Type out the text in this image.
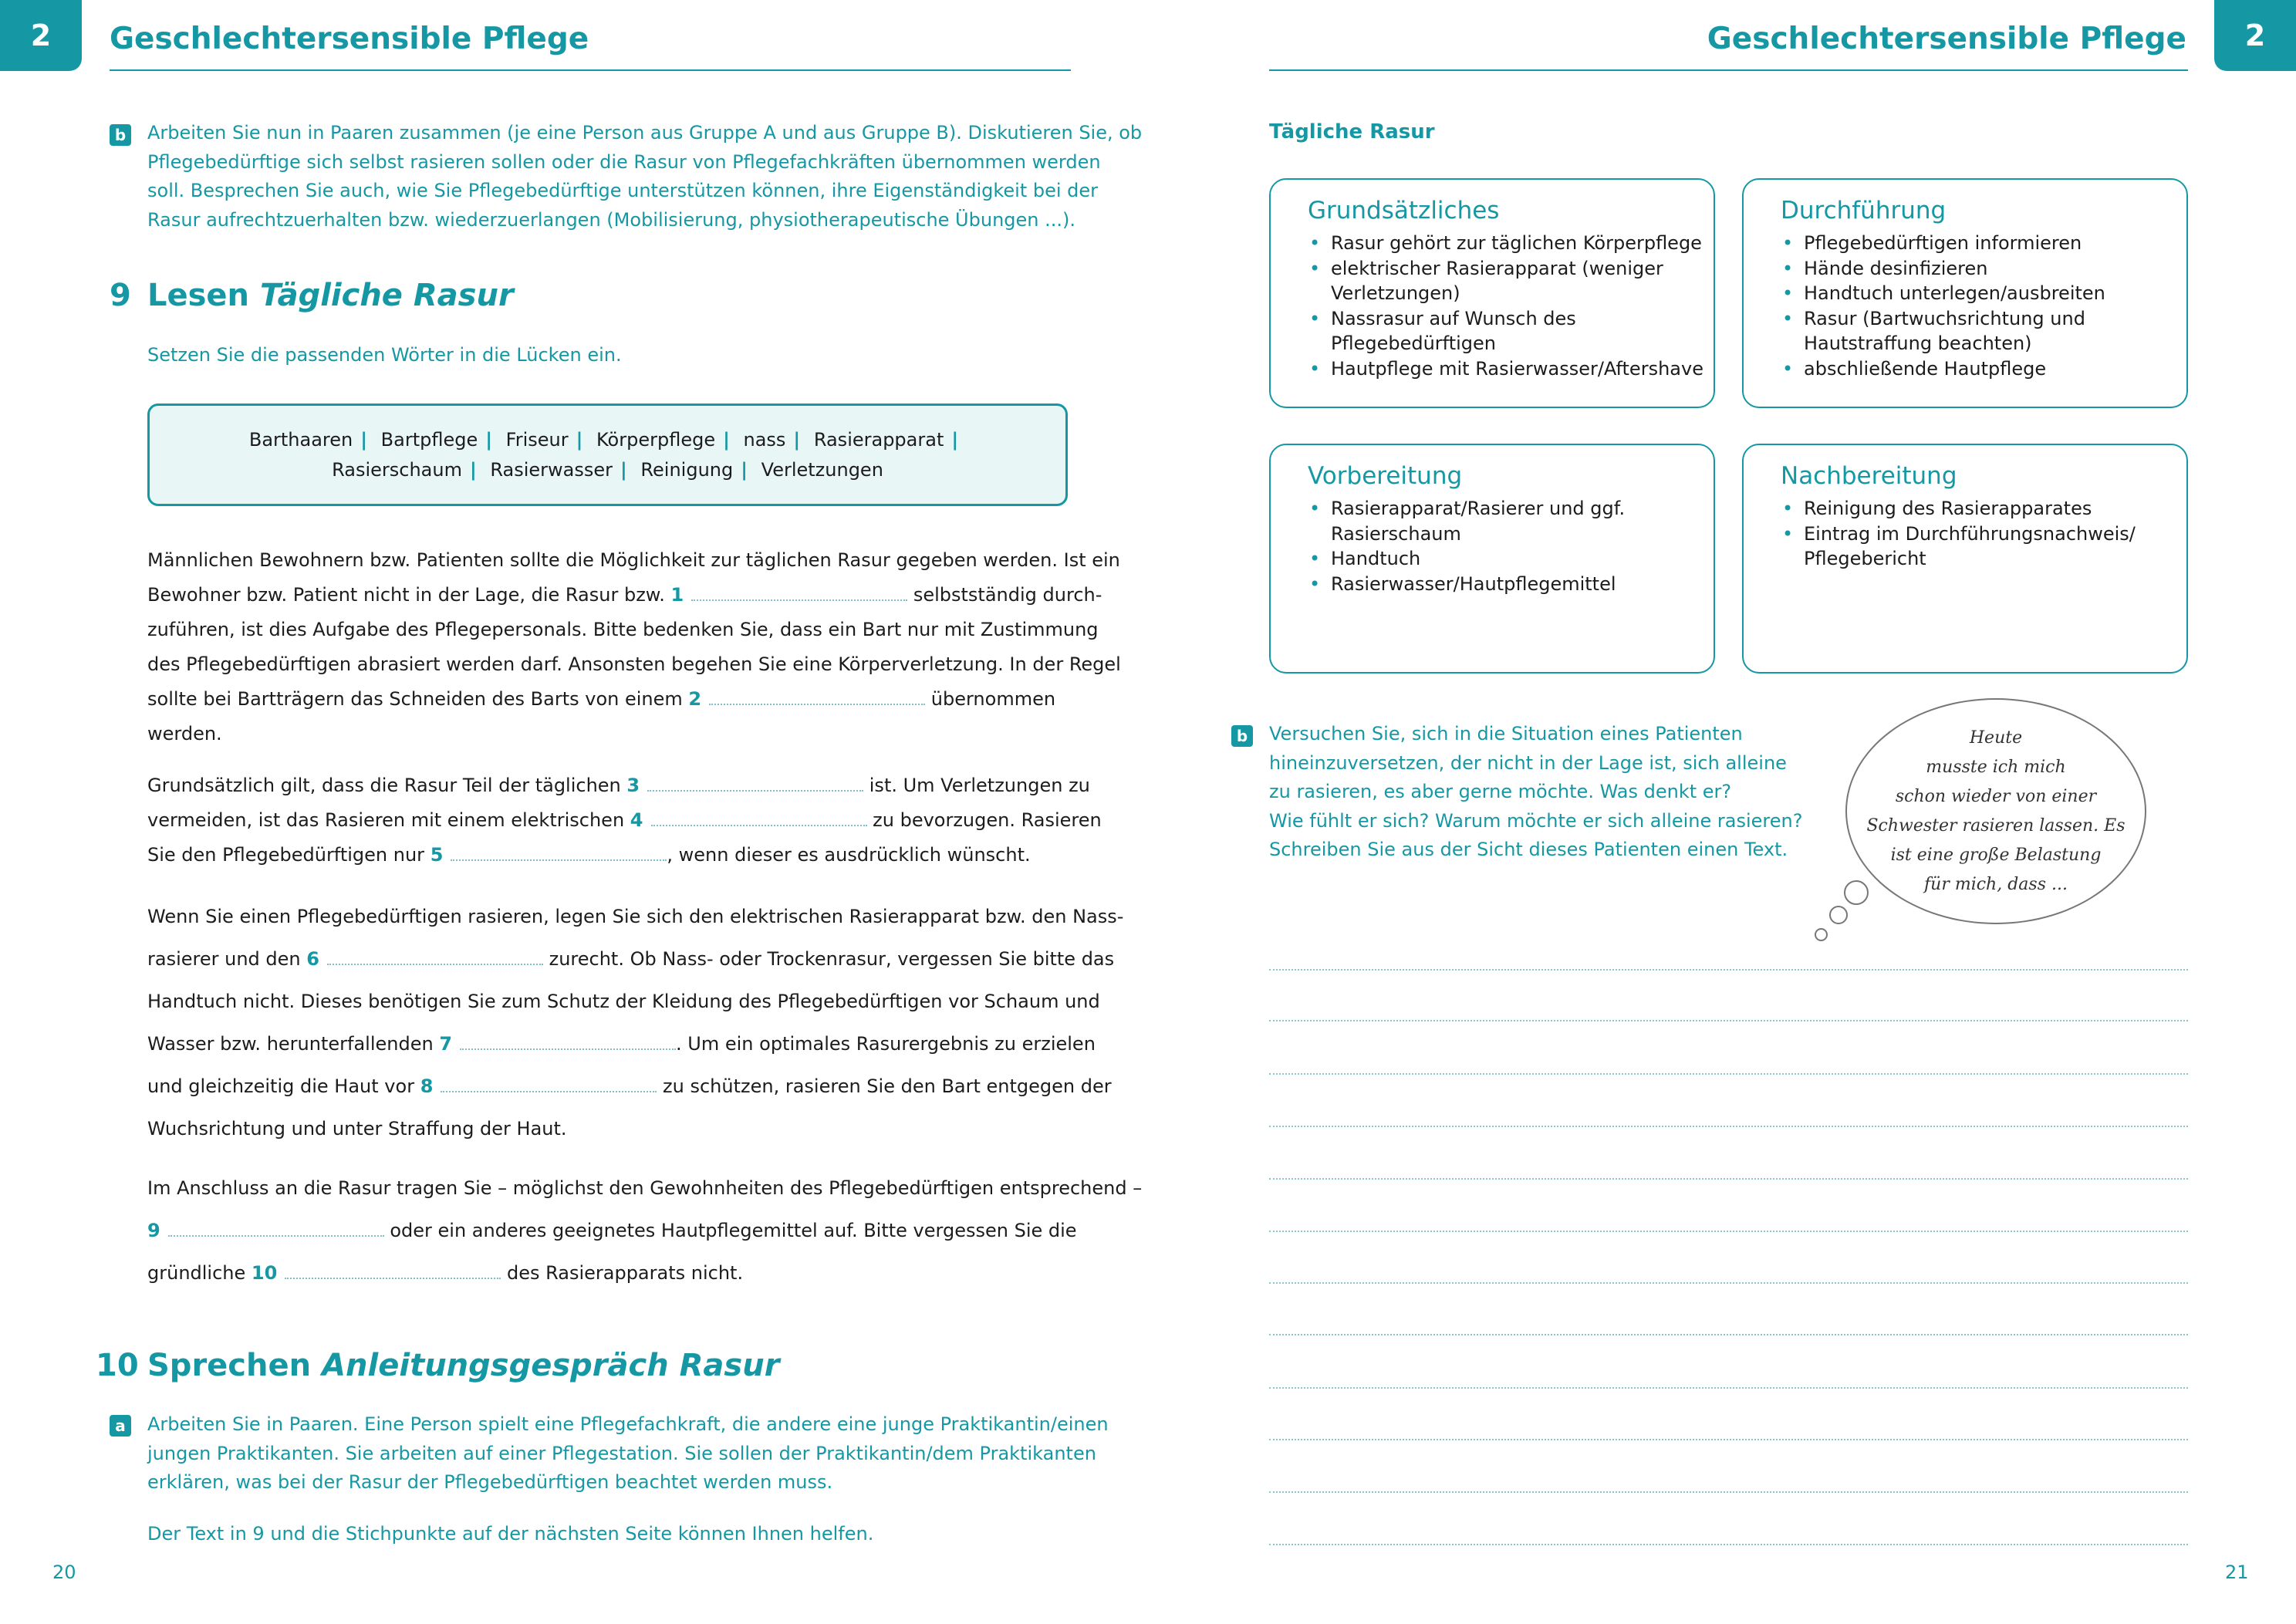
2	Geschlechtersensible Pflege
b Arbeiten Sie nun in Paaren zusammen (je eine Person aus Gruppe A und aus Gruppe B). Diskutieren Sie, ob
Pflegebedürftige sich selbst rasieren sollen oder die Rasur von Pflegefachkräften übernommen werden
soll. Besprechen Sie auch, wie Sie Pflegebedürftige unterstützen können, ihre Eigenständigkeit bei der
Rasur aufrechtzuerhalten bzw. wiederzuerlangen (Mobilisierung, physiotherapeutische Übungen ...).
9 Lesen Tägliche Rasur
Setzen Sie die passenden Wörter in die Lücken ein.
Barthaaren | Bartpflege | Friseur | Körperpflege | nass | Rasierapparat |
Rasierschaum | Rasierwasser | Reinigung | Verletzungen
Männlichen Bewohnern bzw. Patienten sollte die Möglichkeit zur täglichen Rasur gegeben werden. Ist ein
Bewohner bzw. Patient nicht in der Lage, die Rasur bzw. 1	selbstständig durch-
zuführen, ist dies Aufgabe des Pflegepersonals. Bitte bedenken Sie, dass ein Bart nur mit Zustimmung
des Pflegebedürftigen abrasiert werden darf. Ansonsten begehen Sie eine Körperverletzung. In der Regel
sollte bei Bartträgern das Schneiden des Barts von einem 2	übernommen
werden.
Grundsätzlich gilt, dass die Rasur Teil der täglichen 3	ist. Um Verletzungen zu
vermeiden, ist das Rasieren mit einem elektrischen 4	zu bevorzugen. Rasieren
Sie den Pflegebedürftigen nur 5	, wenn dieser es ausdrücklich wünscht.
Wenn Sie einen Pflegebedürftigen rasieren, legen Sie sich den elektrischen Rasierapparat bzw. den Nass-
rasierer und den 6	zurecht. Ob Nass- oder Trockenrasur, vergessen Sie bitte das
Handtuch nicht. Dieses benötigen Sie zum Schutz der Kleidung des Pflegebedürftigen vor Schaum und
Wasser bzw. herunterfallenden 7	. Um ein optimales Rasurergebnis zu erzielen
und gleichzeitig die Haut vor 8	zu schützen, rasieren Sie den Bart entgegen der
Wuchsrichtung und unter Straffung der Haut.
Im Anschluss an die Rasur tragen Sie – möglichst den Gewohnheiten des Pflegebedürftigen entsprechend –
9	oder ein anderes geeignetes Hautpflegemittel auf. Bitte vergessen Sie die
gründliche 10	des Rasierapparats nicht.
10 Sprechen Anleitungsgespräch Rasur
a	Arbeiten Sie in Paaren. Eine Person spielt eine Pflegefachkraft, die andere eine junge Praktikantin/einen
jungen Praktikanten. Sie arbeiten auf einer Pflegestation. Sie sollen der Praktikantin/dem Praktikanten
erklären, was bei der Rasur der Pflegebedürftigen beachtet werden muss.
Der Text in 9 und die Stichpunkte auf der nächsten Seite können Ihnen helfen.
20
2
Geschlechtersensible Pflege
Tägliche Rasur
Grundsätzliches
• Rasur gehört zur täglichen Körperpflege
• elektrischer Rasierapparat (weniger Verletzungen)
• Nassrasur auf Wunsch des Pflegebedürftigen
• Hautpflege mit Rasierwasser/Aftershave
Durchführung
• Pflegebedürftigen informieren
• Hände desinfizieren
• Handtuch unterlegen/ausbreiten
• Rasur (Bartwuchsrichtung und Hautstraffung beachten)
• abschließende Hautpflege
Vorbereitung
• Rasierapparat/Rasierer und ggf. Rasierschaum
• Handtuch
• Rasierwasser/Hautpflegemittel
Nachbereitung
• Reinigung des Rasierapparates
• Eintrag im Durchführungsnachweis/ Pflegebericht
b Versuchen Sie, sich in die Situation eines Patienten
hineinzuversetzen, der nicht in der Lage ist, sich alleine
zu rasieren, es aber gerne möchte. Was denkt er?
Wie fühlt er sich? Warum möchte er sich alleine rasieren?
Schreiben Sie aus der Sicht dieses Patienten einen Text.
Heute
musste ich mich
schon wieder von einer
Schwester rasieren lassen. Es
ist eine große Belastung
für mich, dass ...
21
